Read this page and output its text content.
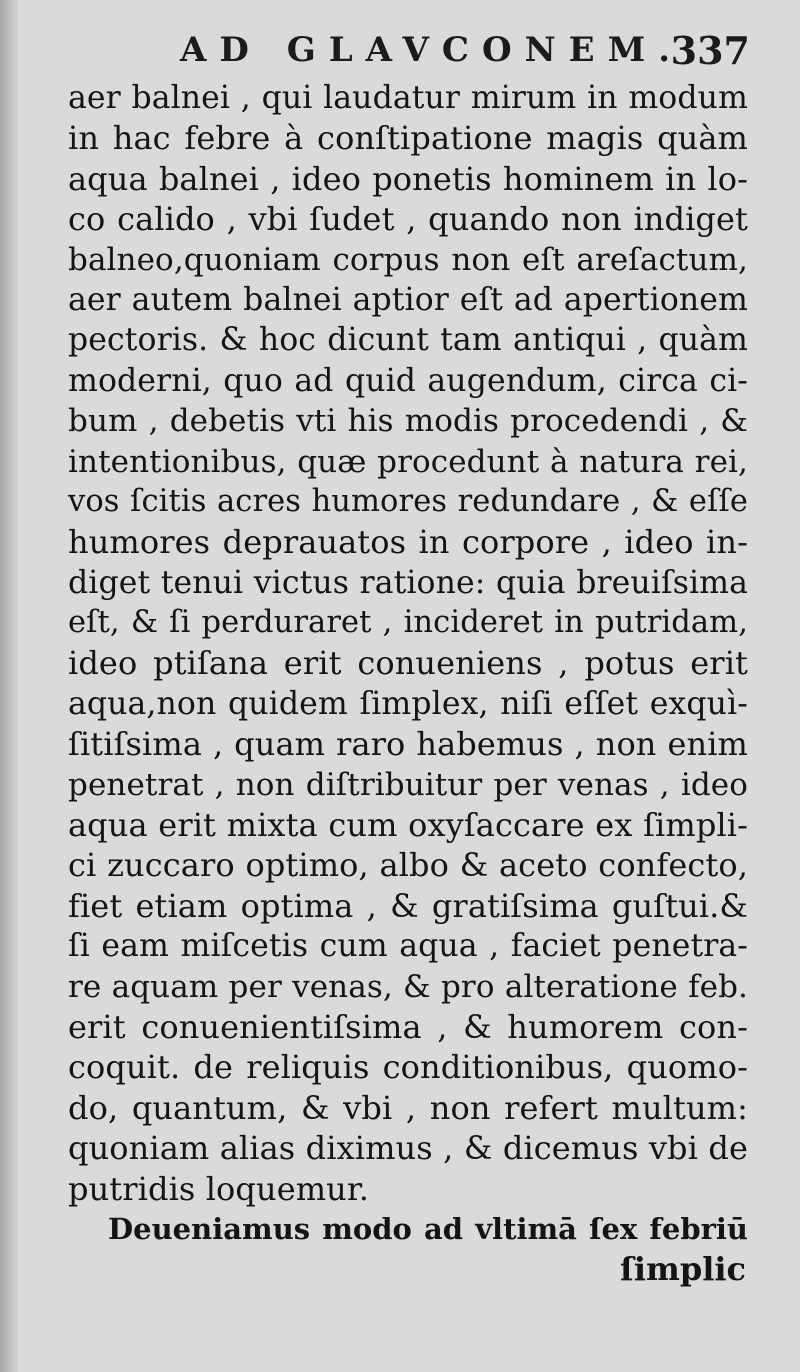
AD GLAVCONEM.
337
aer balnei , qui laudatur mirum in modum
in hac febre à conſtipatione magis quàm
aqua balnei , ideo ponetis hominem in lo-
co calido , vbi ſudet , quando non indiget
balneo,quoniam corpus non eſt areſactum,
aer autem balnei aptior eſt ad apertionem
pectoris. & hoc dicunt tam antiqui , quàm
moderni, quo ad quid augendum, circa ci-
bum , debetis vti his modis procedendi , &
intentionibus, quæ procedunt à natura rei,
vos ſcitis acres humores redundare , & eſſe
humores deprauatos in corpore , ideo in-
diget tenui victus ratione: quia breuiſsima
eſt, & ſi perduraret , incideret in putridam,
ideo ptiſana erit conueniens , potus erit
aqua,non quidem ſimplex, niſi eſſet exquì-
ſitiſsima , quam raro habemus , non enim
penetrat , non diſtribuitur per venas , ideo
aqua erit mixta cum oxyſaccare ex ſimpli-
ci zuccaro optimo, albo & aceto confecto,
fiet etiam optima , & gratiſsima guſtui.&
ſi eam miſcetis cum aqua , faciet penetra-
re aquam per venas, & pro alteratione feb.
erit conuenientiſsima , & humorem con-
coquit. de reliquis conditionibus, quomo-
do, quantum, & vbi , non refert multum:
quoniam alias diximus , & dicemus vbi de
putridis loquemur.
Deueniamus modo ad vltimā ſex febriū
ſimplic
